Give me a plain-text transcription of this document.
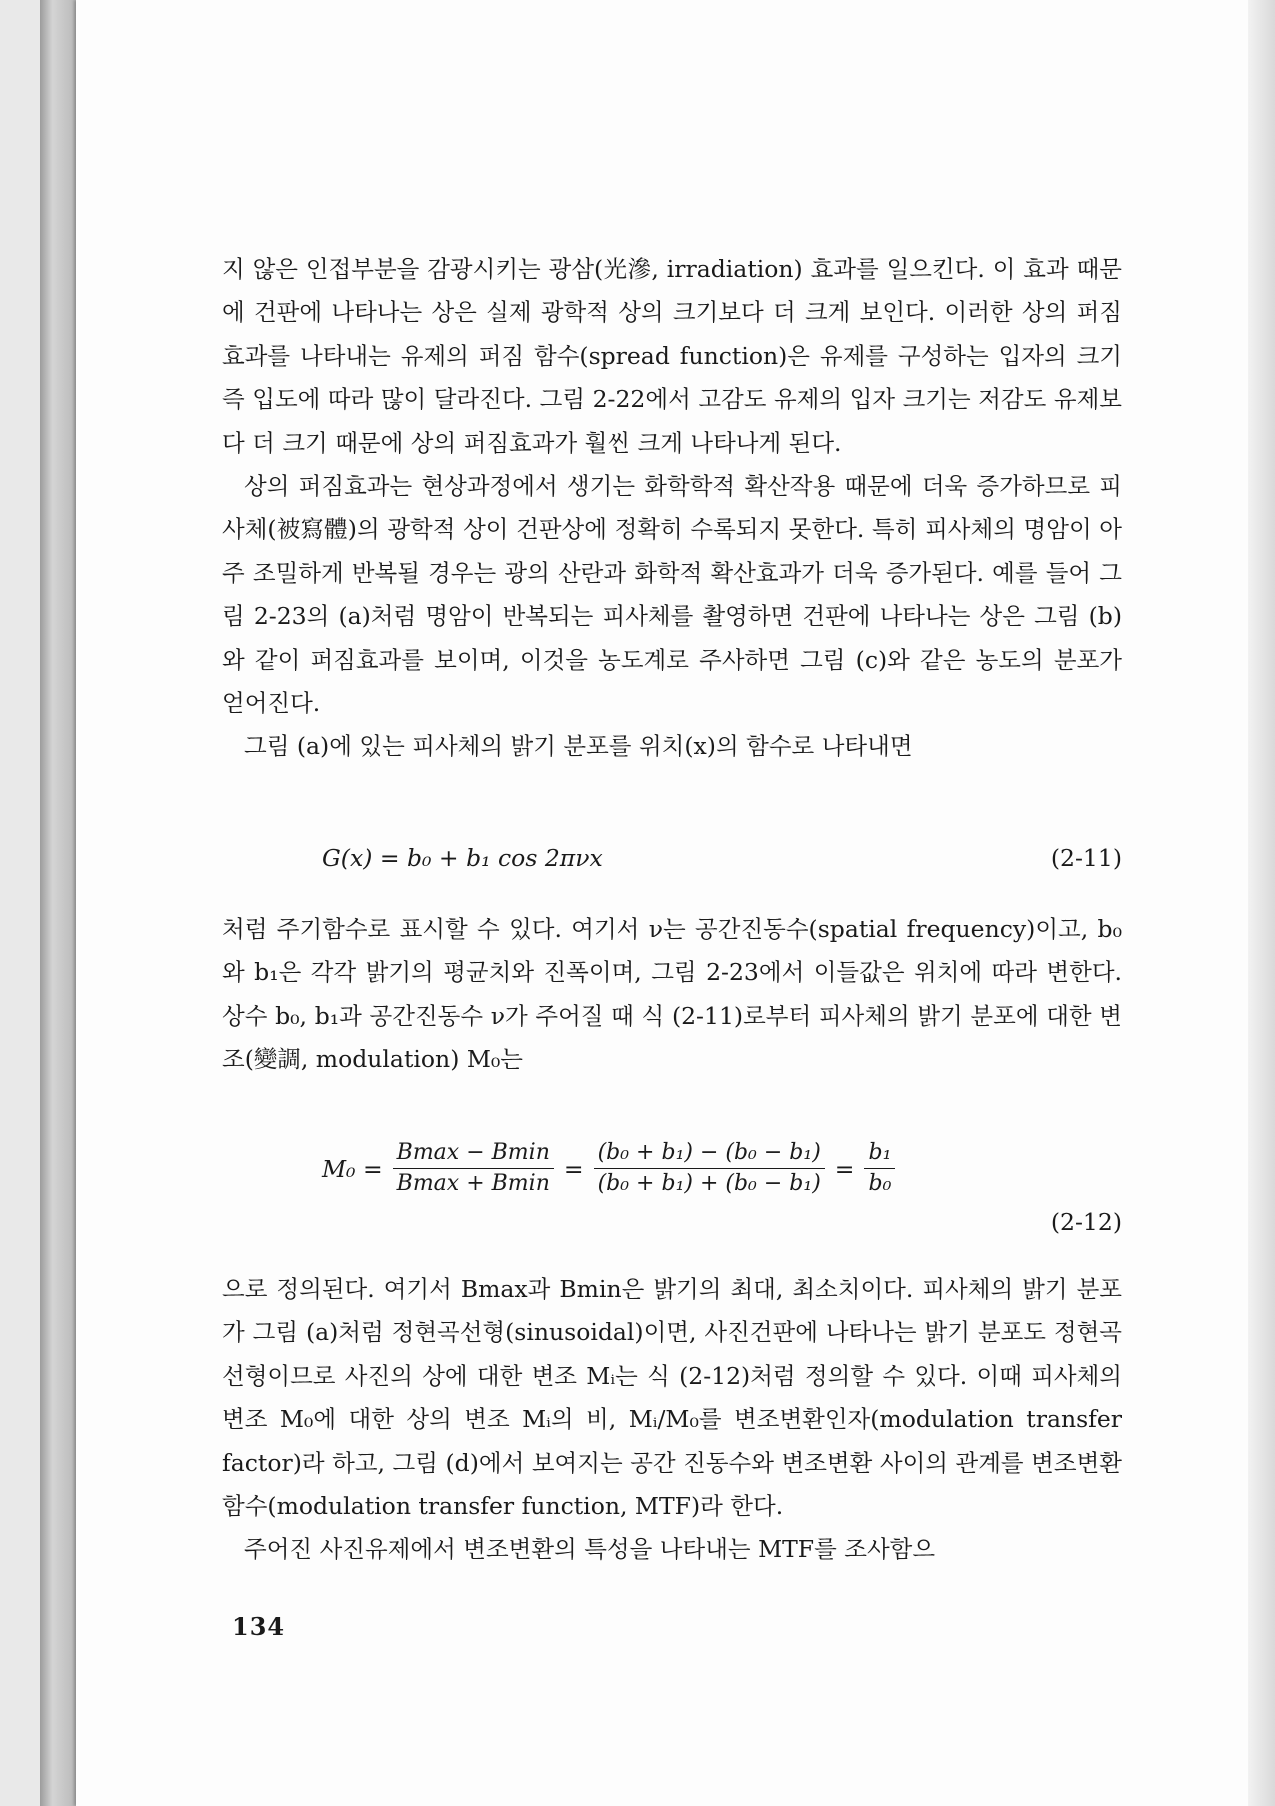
지 않은 인접부분을 감광시키는 광삼(光滲, irradiation) 효과를 일으킨다. 이 효과 때문에 건판에 나타나는 상은 실제 광학적 상의 크기보다 더 크게 보인다. 이러한 상의 퍼짐 효과를 나타내는 유제의 퍼짐 함수(spread function)은 유제를 구성하는 입자의 크기 즉 입도에 따라 많이 달라진다. 그림 2-22에서 고감도 유제의 입자 크기는 저감도 유제보다 더 크기 때문에 상의 퍼짐효과가 훨씬 크게 나타나게 된다.

상의 퍼짐효과는 현상과정에서 생기는 화학학적 확산작용 때문에 더욱 증가하므로 피사체(被寫體)의 광학적 상이 건판상에 정확히 수록되지 못한다. 특히 피사체의 명암이 아주 조밀하게 반복될 경우는 광의 산란과 화학적 확산효과가 더욱 증가된다. 예를 들어 그림 2-23의 (a)처럼 명암이 반복되는 피사체를 촬영하면 건판에 나타나는 상은 그림 (b)와 같이 퍼짐효과를 보이며, 이것을 농도계로 주사하면 그림 (c)와 같은 농도의 분포가 얻어진다.

그림 (a)에 있는 피사체의 밝기 분포를 위치(x)의 함수로 나타내면

G(x) = b₀ + b₁ cos 2πνx	(2-11)

처럼 주기함수로 표시할 수 있다. 여기서 ν는 공간진동수(spatial frequency)이고, b₀와 b₁은 각각 밝기의 평균치와 진폭이며, 그림 2-23에서 이들값은 위치에 따라 변한다. 상수 b₀, b₁과 공간진동수 ν가 주어질 때 식 (2-11)로부터 피사체의 밝기 분포에 대한 변조(變調, modulation) M₀는

$M_0 = \frac{Bmax - Bmin}{Bmax + Bmin} = \frac{\text{(b₀ + b₁) − (b₀ − b₁)}}{\text{(b₀ + b₁) + (b₀ − b₁)}} = \frac{\text{b₁}}{\text{b₀}}$
(2-12)

으로 정의된다. 여기서 Bmax과 Bmin은 밝기의 최대, 최소치이다. 피사체의 밝기 분포가 그림 (a)처럼 정현곡선형(sinusoidal)이면, 사진건판에 나타나는 밝기 분포도 정현곡선형이므로 사진의 상에 대한 변조 Mᵢ는 식 (2-12)처럼 정의할 수 있다. 이때 피사체의 변조 M₀에 대한 상의 변조 Mᵢ의 비, Mᵢ/M₀를 변조변환인자(modulation transfer factor)라 하고, 그림 (d)에서 보여지는 공간 진동수와 변조변환 사이의 관계를 변조변환함수(modulation transfer function, MTF)라 한다.

주어진 사진유제에서 변조변환의 특성을 나타내는 MTF를 조사함으

134
